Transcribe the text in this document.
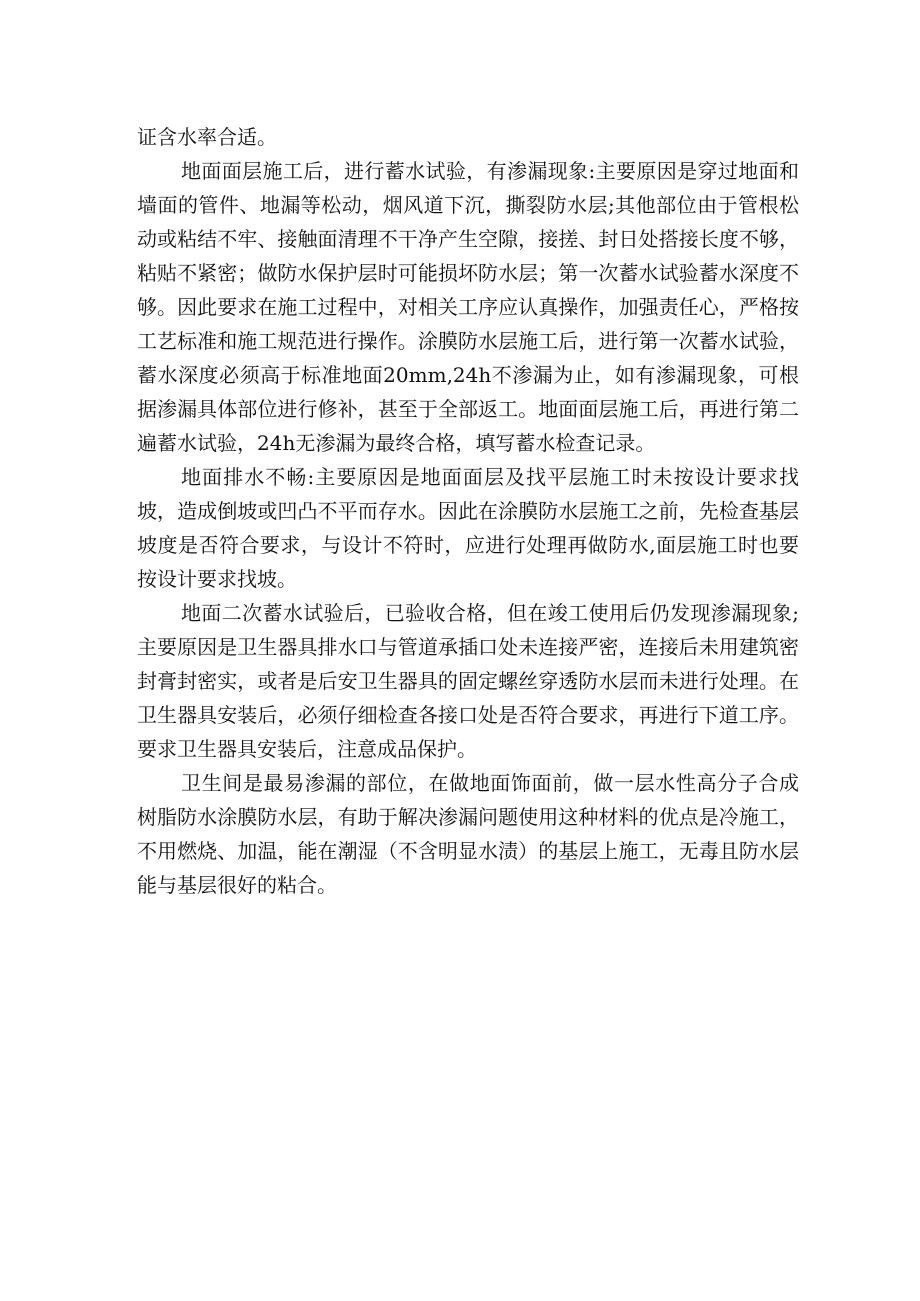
证含水率合适。

地面面层施工后，进行蓄水试验，有渗漏现象:主要原因是穿过地面和墙面的管件、地漏等松动，烟风道下沉，撕裂防水层;其他部位由于管根松动或粘结不牢、接触面清理不干净产生空隙，接搓、封日处搭接长度不够，粘贴不紧密；做防水保护层时可能损坏防水层；第一次蓄水试验蓄水深度不够。因此要求在施工过程中，对相关工序应认真操作，加强责任心，严格按工艺标准和施工规范进行操作。涂膜防水层施工后，进行第一次蓄水试验，蓄水深度必须高于标准地面20mm,24h不渗漏为止，如有渗漏现象，可根据渗漏具体部位进行修补，甚至于全部返工。地面面层施工后，再进行第二遍蓄水试验，24h无渗漏为最终合格，填写蓄水检查记录。

地面排水不畅:主要原因是地面面层及找平层施工时未按设计要求找坡，造成倒坡或凹凸不平而存水。因此在涂膜防水层施工之前，先检查基层坡度是否符合要求，与设计不符时，应进行处理再做防水,面层施工时也要按设计要求找坡。

地面二次蓄水试验后，已验收合格，但在竣工使用后仍发现渗漏现象;主要原因是卫生器具排水口与管道承插口处未连接严密，连接后未用建筑密封膏封密实，或者是后安卫生器具的固定螺丝穿透防水层而未进行处理。在卫生器具安装后，必须仔细检查各接口处是否符合要求，再进行下道工序。要求卫生器具安装后，注意成品保护。

卫生间是最易渗漏的部位，在做地面饰面前，做一层水性高分子合成树脂防水涂膜防水层，有助于解决渗漏问题使用这种材料的优点是冷施工，不用燃烧、加温，能在潮湿（不含明显水渍）的基层上施工，无毒且防水层能与基层很好的粘合。
